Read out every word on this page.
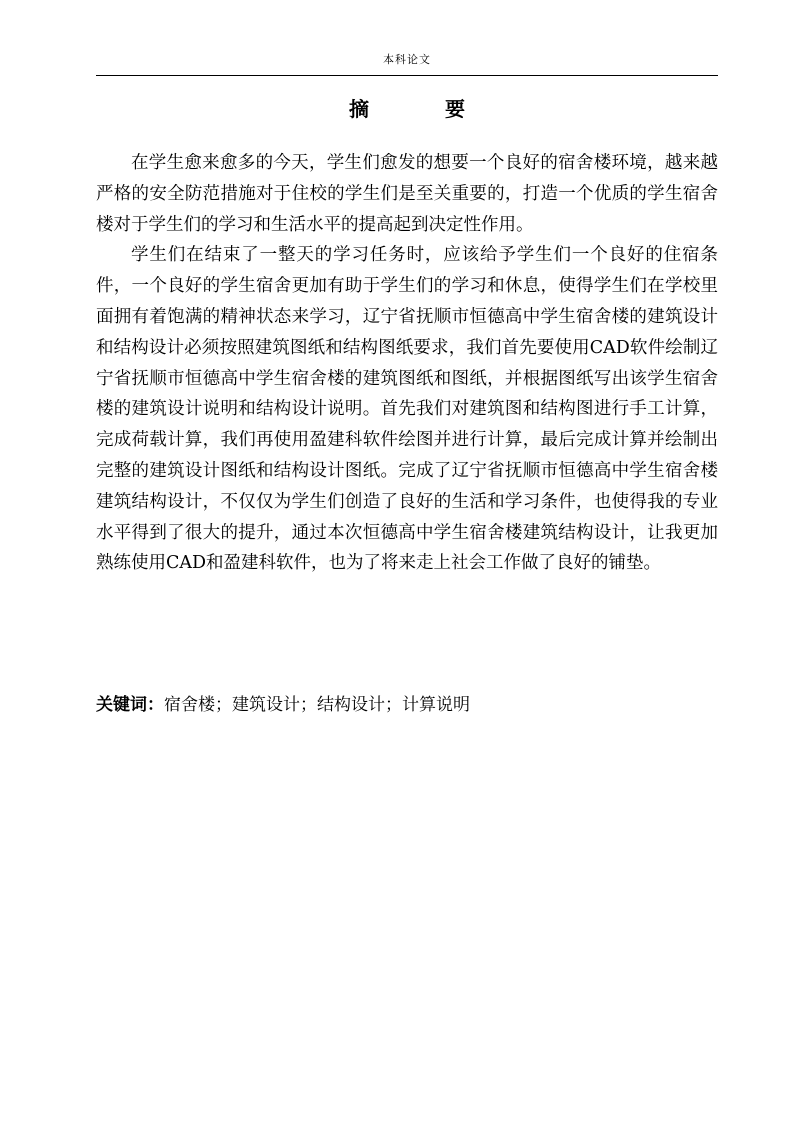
本科论文
摘　要

在学生愈来愈多的今天，学生们愈发的想要一个良好的宿舍楼环境，越来越严格的安全防范措施对于住校的学生们是至关重要的，打造一个优质的学生宿舍楼对于学生们的学习和生活水平的提高起到决定性作用。

学生们在结束了一整天的学习任务时，应该给予学生们一个良好的住宿条件，一个良好的学生宿舍更加有助于学生们的学习和休息，使得学生们在学校里面拥有着饱满的精神状态来学习，辽宁省抚顺市恒德高中学生宿舍楼的建筑设计和结构设计必须按照建筑图纸和结构图纸要求，我们首先要使用CAD软件绘制辽宁省抚顺市恒德高中学生宿舍楼的建筑图纸和图纸，并根据图纸写出该学生宿舍楼的建筑设计说明和结构设计说明。首先我们对建筑图和结构图进行手工计算，完成荷载计算，我们再使用盈建科软件绘图并进行计算，最后完成计算并绘制出完整的建筑设计图纸和结构设计图纸。完成了辽宁省抚顺市恒德高中学生宿舍楼建筑结构设计，不仅仅为学生们创造了良好的生活和学习条件，也使得我的专业水平得到了很大的提升，通过本次恒德高中学生宿舍楼建筑结构设计，让我更加熟练使用CAD和盈建科软件，也为了将来走上社会工作做了良好的铺垫。

关键词：宿舍楼；建筑设计；结构设计；计算说明
